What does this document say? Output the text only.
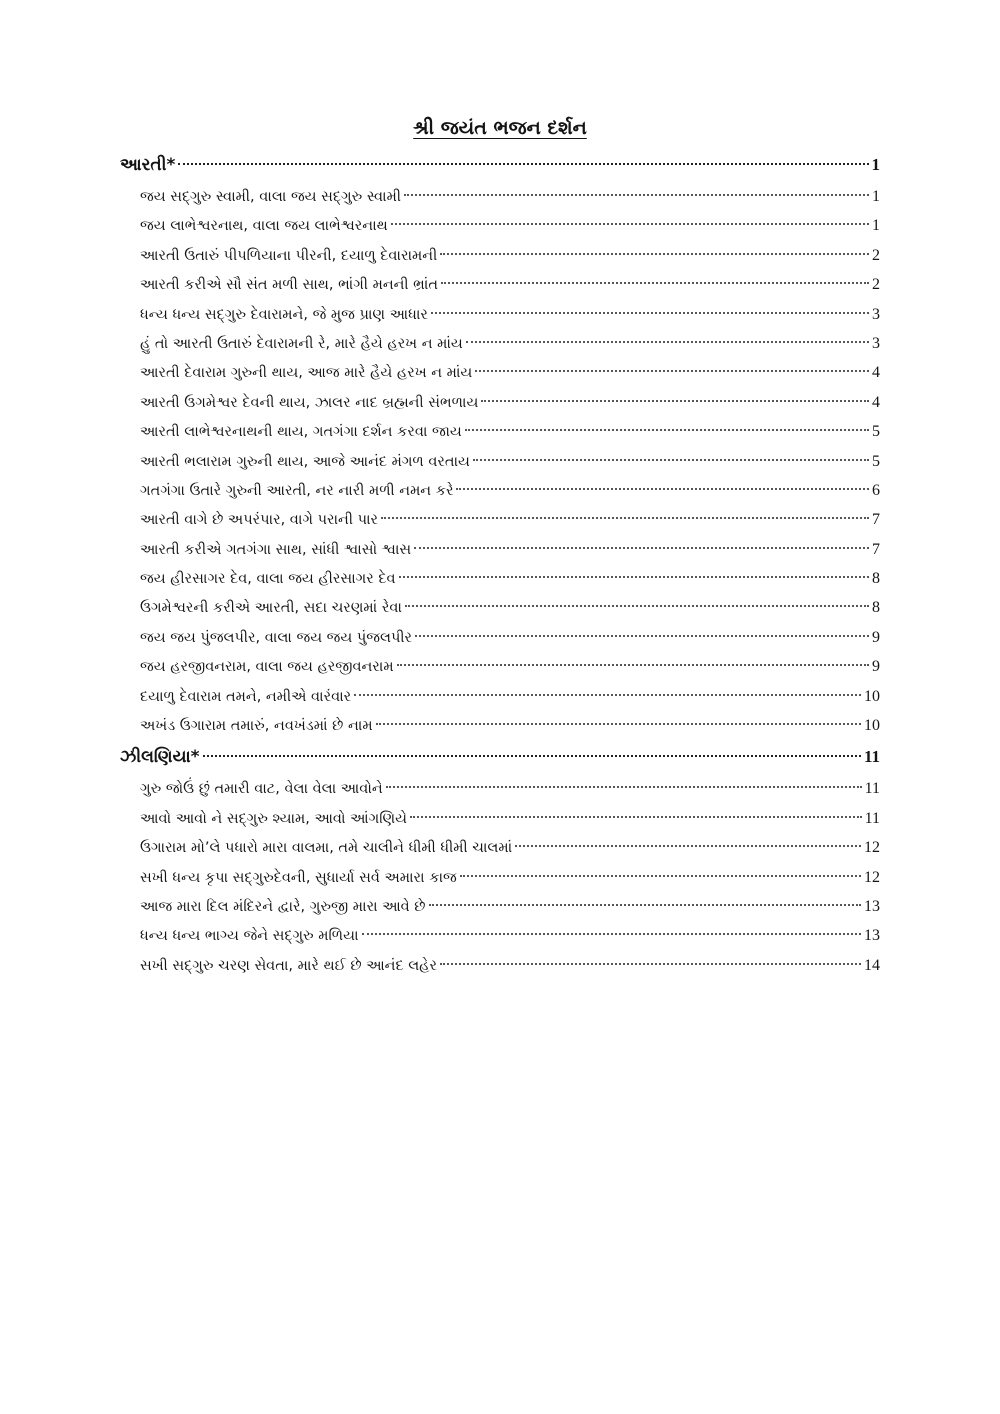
શ્રી જયંત ભજન દર્શન
આરતી*	1
જય સદ્ગુરુ સ્વામી, વાલા જય સદ્ગુરુ સ્વામી	1
જય લાભેશ્વરનાથ, વાલા જય લાભેશ્વરનાથ	1
આરતી ઉતારું પીપળિયાના પીરની, દયાળુ દેવારામની	2
આરતી કરીએ સૌ સંત મળી સાથ, ભાંગી મનની ભ્રાંત	2
ધન્ય ધન્ય સદ્ગુરુ દેવારામને, જે મુજ પ્રાણ આધાર	3
હું તો આરતી ઉતારું દેવારામની રે, મારે હૈયે હરખ ન માંય	3
આરતી દેવારામ ગુરુની થાય, આજ મારે હૈયે હરખ ન માંય	4
આરતી ઉગમેશ્વર દેવની થાય, ઝાલર નાદ બ્રહ્મની સંભળાય	4
આરતી લાભેશ્વરનાથની થાય, ગતગંગા દર્શન કરવા જાય	5
આરતી ભલારામ ગુરુની થાય, આજે આનંદ મંગળ વરતાય	5
ગતગંગા ઉતારે ગુરુની આરતી, નર નારી મળી નમન કરે	6
આરતી વાગે છે અપરંપાર, વાગે પરાની પાર	7
આરતી કરીએ ગતગંગા સાથ, સાંધી શ્વાસો શ્વાસ	7
જય હીરસાગર દેવ, વાલા જય હીરસાગર દેવ	8
ઉગમેશ્વરની કરીએ આરતી, સદા ચરણમાં રેવા	8
જય જય પુંજલપીર, વાલા જય જય પુંજલપીર	9
જય હરજીવનરામ, વાલા જય હરજીવનરામ	9
દયાળુ દેવારામ તમને, નમીએ વારંવાર	10
અખંડ ઉગારામ તમારું, નવખંડમાં છે નામ	10
ઝીલણિયા*	11
ગુરુ જોઉં છું તમારી વાટ, વેલા વેલા આવોને	11
આવો આવો ને સદ્ગુરુ શ્યામ, આવો આંગણિયે	11
ઉગારામ મો’લે પધારો મારા વાલમા, તમે ચાલીને ધીમી ધીમી ચાલમાં	12
સખી ધન્ય કૃપા સદ્ગુરુદેવની, સુધાર્યા સર્વ અમારા કાજ	12
આજ મારા દિલ મંદિરને દ્વારે, ગુરુજી મારા આવે છે	13
ધન્ય ધન્ય ભાગ્ય જેને સદ્ગુરુ મળિયા	13
સખી સદ્ગુરુ ચરણ સેવતા, મારે થઈ છે આનંદ લહેર	14
